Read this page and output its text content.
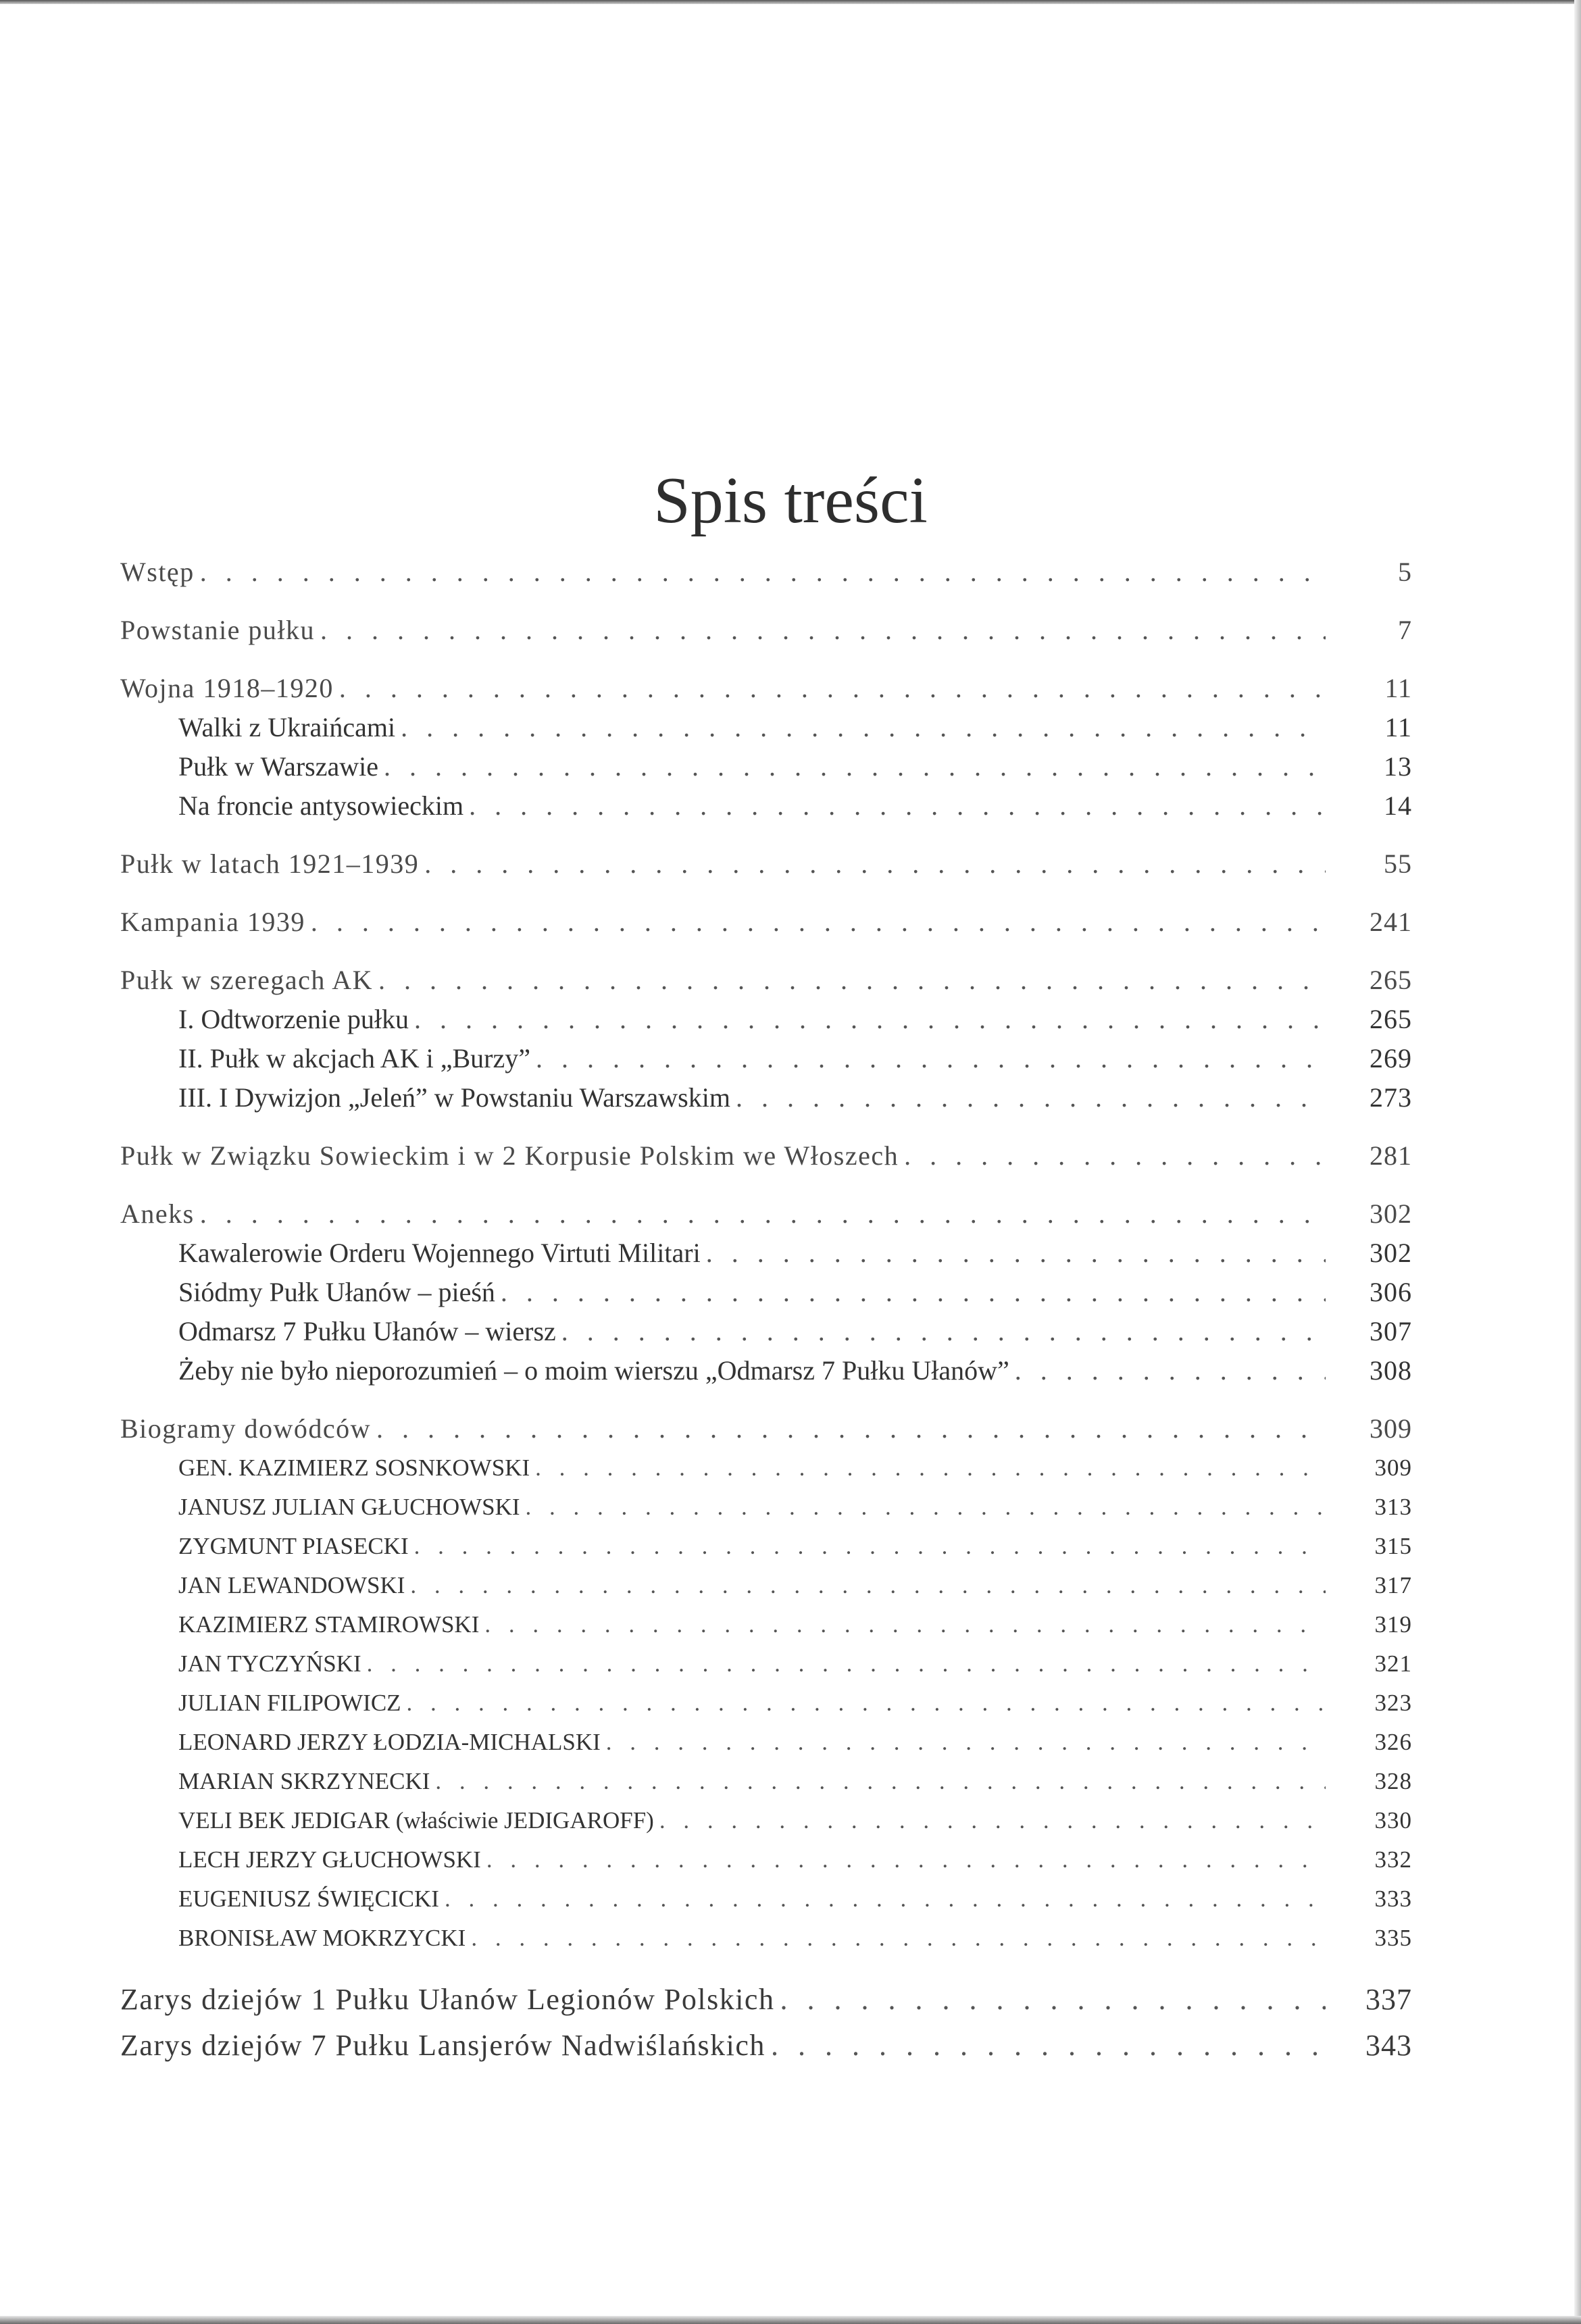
Spis treści
Wstęp . . .	5
Powstanie pułku . . .	7
Wojna 1918–1920 . . .	11
Walki z Ukraińcami . . .	11
Pułk w Warszawie . . .	13
Na froncie antysowieckim . . .	14
Pułk w latach 1921–1939 . . .	55
Kampania 1939 . . .	241
Pułk w szeregach AK . . .	265
I. Odtworzenie pułku . . .	265
II. Pułk w akcjach AK i „Burzy” . . .	269
III. I Dywizjon „Jeleń” w Powstaniu Warszawskim . . .	273
Pułk w Związku Sowieckim i w 2 Korpusie Polskim we Włoszech . . .	281
Aneks . . .	302
Kawalerowie Orderu Wojennego Virtuti Militari . . .	302
Siódmy Pułk Ułanów – pieśń . . .	306
Odmarsz 7 Pułku Ułanów – wiersz . . .	307
Żeby nie było nieporozumień – o moim wierszu „Odmarsz 7 Pułku Ułanów” . . .	308
Biogramy dowódców . . .	309
GEN. KAZIMIERZ SOSNKOWSKI . . .	309
JANUSZ JULIAN GŁUCHOWSKI . . .	313
ZYGMUNT PIASECKI . . .	315
JAN LEWANDOWSKI . . .	317
KAZIMIERZ STAMIROWSKI . . .	319
JAN TYCZYŃSKI . . .	321
JULIAN FILIPOWICZ . . .	323
LEONARD JERZY ŁODZIA-MICHALSKI . . .	326
MARIAN SKRZYNECKI . . .	328
VELI BEK JEDIGAR (właściwie JEDIGAROFF) . . .	330
LECH JERZY GŁUCHOWSKI . . .	332
EUGENIUSZ ŚWIĘCICKI . . .	333
BRONISŁAW MOKRZYCKI . . .	335
Zarys dziejów 1 Pułku Ułanów Legionów Polskich . . .	337
Zarys dziejów 7 Pułku Lansjerów Nadwiślańskich . . .	343
